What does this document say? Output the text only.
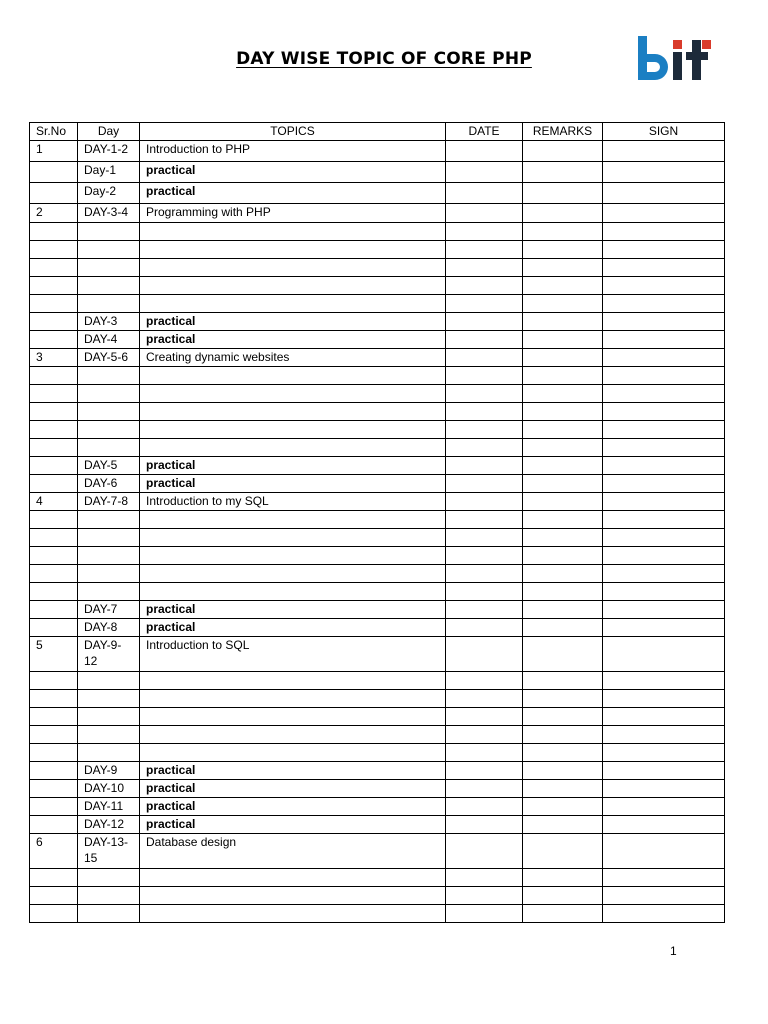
DAY WISE TOPIC OF CORE PHP
Sr.No	Day	TOPICS	DATE	REMARKS	SIGN
1	DAY-1-2	Introduction to PHP			
	Day-1	practical			
	Day-2	practical			
2	DAY-3-4	Programming with PHP			

	DAY-3	practical			
	DAY-4	practical			
3	DAY-5-6	Creating dynamic websites			

	DAY-5	practical			
	DAY-6	practical			
4	DAY-7-8	Introduction to my SQL			

	DAY-7	practical			
	DAY-8	practical			
5	DAY-9-12	Introduction to SQL			

	DAY-9	practical			
	DAY-10	practical			
	DAY-11	practical			
	DAY-12	practical			
6	DAY-13-15	Database design			

1
